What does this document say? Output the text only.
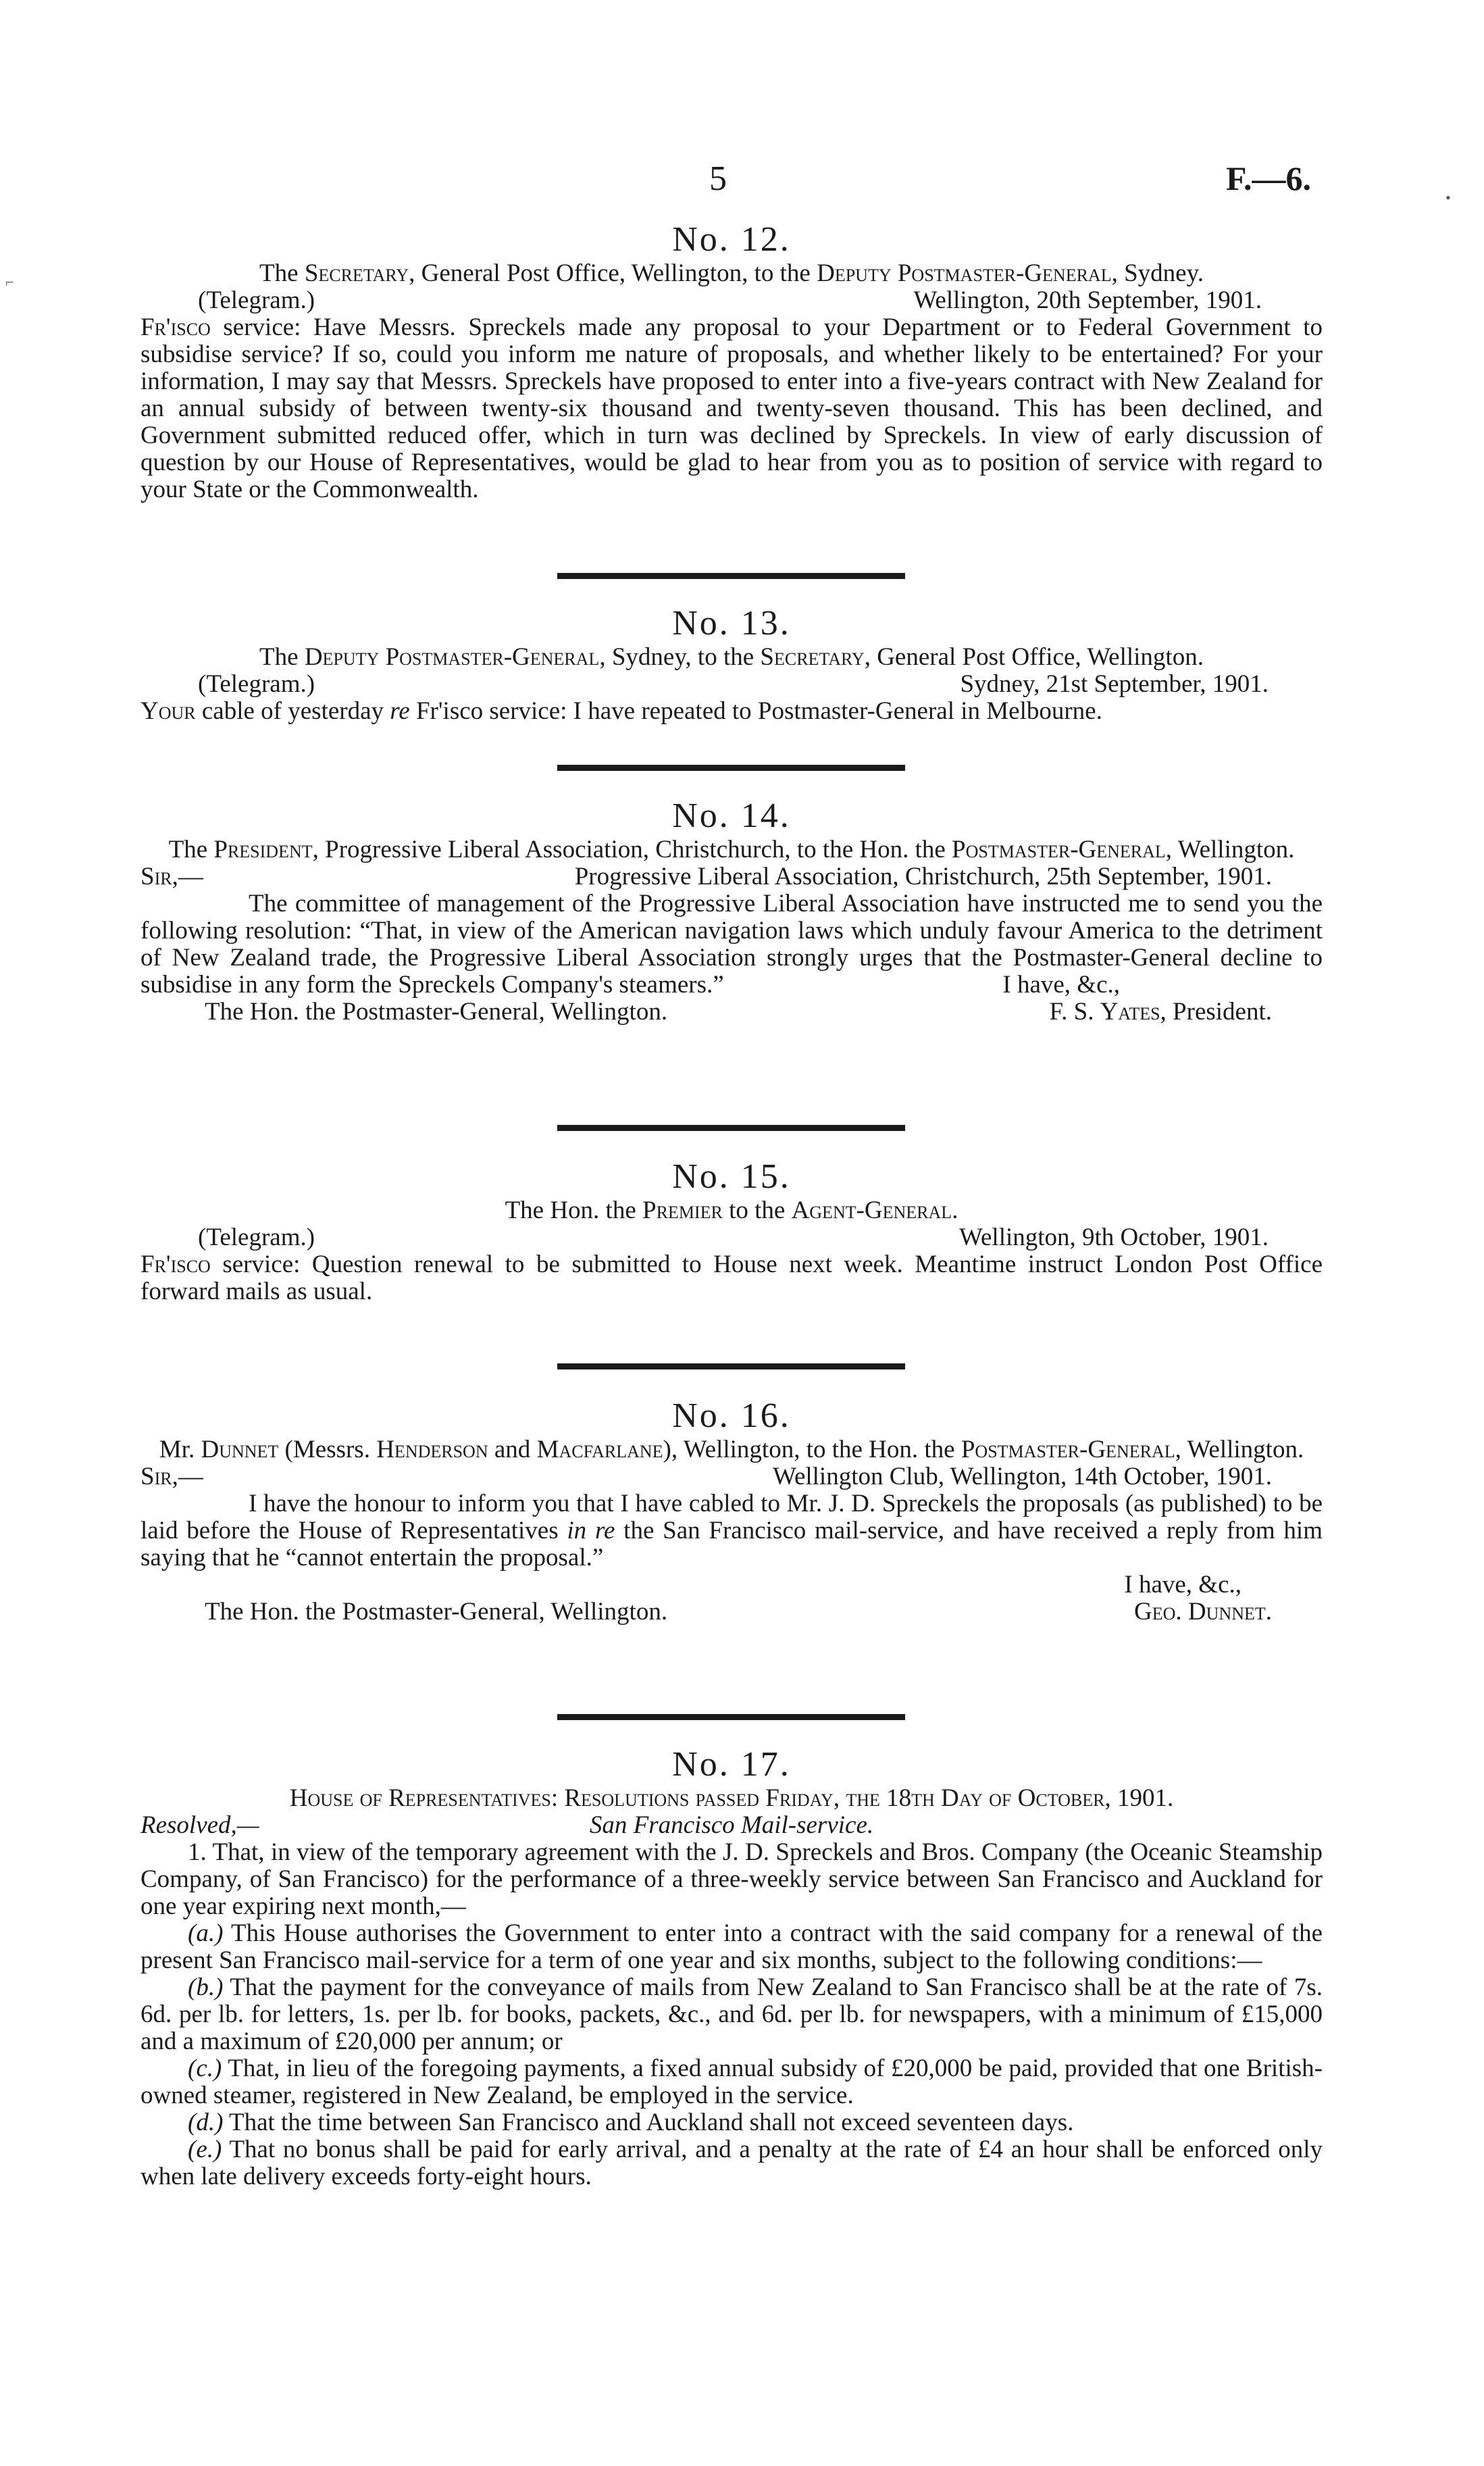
⌐
•
5	F.—6.
No. 12.

The Secretary, General Post Office, Wellington, to the Deputy Postmaster-General, Sydney.

(Telegram.)	Wellington, 20th September, 1901.

Fr'isco service: Have Messrs. Spreckels made any proposal to your Department or to Federal Government to subsidise service? If so, could you inform me nature of proposals, and whether likely to be entertained? For your information, I may say that Messrs. Spreckels have proposed to enter into a five-years contract with New Zealand for an annual subsidy of between twenty-six thousand and twenty-seven thousand. This has been declined, and Government submitted reduced offer, which in turn was declined by Spreckels. In view of early discussion of question by our House of Representatives, would be glad to hear from you as to position of service with regard to your State or the Commonwealth.

No. 13.

The Deputy Postmaster-General, Sydney, to the Secretary, General Post Office, Wellington.

(Telegram.)	Sydney, 21st September, 1901.

Your cable of yesterday re Fr'isco service: I have repeated to Postmaster-General in Melbourne.

No. 14.

The President, Progressive Liberal Association, Christchurch, to the Hon. the Postmaster-General, Wellington.

Sir,—	Progressive Liberal Association, Christchurch, 25th September, 1901.

The committee of management of the Progressive Liberal Association have instructed me to send you the following resolution: “That, in view of the American navigation laws which unduly favour America to the detriment of New Zealand trade, the Progressive Liberal Association strongly urges that the Postmaster-General decline to subsidise in any form the Spreckels Company's steamers.”	I have, &c.,

The Hon. the Postmaster-General, Wellington.	F. S. Yates, President.
No. 15.

The Hon. the Premier to the Agent-General.

(Telegram.)	Wellington, 9th October, 1901.

Fr'isco service: Question renewal to be submitted to House next week. Meantime instruct London Post Office forward mails as usual.

No. 16.

Mr. Dunnet (Messrs. Henderson and Macfarlane), Wellington, to the Hon. the Postmaster-General, Wellington.

Sir,—	Wellington Club, Wellington, 14th October, 1901.

I have the honour to inform you that I have cabled to Mr. J. D. Spreckels the proposals (as published) to be laid before the House of Representatives in re the San Francisco mail-service, and have received a reply from him saying that he “cannot entertain the proposal.”

I have, &c.,

The Hon. the Postmaster-General, Wellington.	Geo. Dunnet.
No. 17.

House of Representatives: Resolutions passed Friday, the 18th Day of October, 1901.

Resolved,—	San Francisco Mail-service.

1. That, in view of the temporary agreement with the J. D. Spreckels and Bros. Company (the Oceanic Steamship Company, of San Francisco) for the performance of a three-weekly service between San Francisco and Auckland for one year expiring next month,—

(a.) This House authorises the Government to enter into a contract with the said company for a renewal of the present San Francisco mail-service for a term of one year and six months, subject to the following conditions:—

(b.) That the payment for the conveyance of mails from New Zealand to San Francisco shall be at the rate of 7s. 6d. per lb. for letters, 1s. per lb. for books, packets, &c., and 6d. per lb. for newspapers, with a minimum of £15,000 and a maximum of £20,000 per annum; or

(c.) That, in lieu of the foregoing payments, a fixed annual subsidy of £20,000 be paid, provided that one British-owned steamer, registered in New Zealand, be employed in the service.

(d.) That the time between San Francisco and Auckland shall not exceed seventeen days.

(e.) That no bonus shall be paid for early arrival, and a penalty at the rate of £4 an hour shall be enforced only when late delivery exceeds forty-eight hours.
